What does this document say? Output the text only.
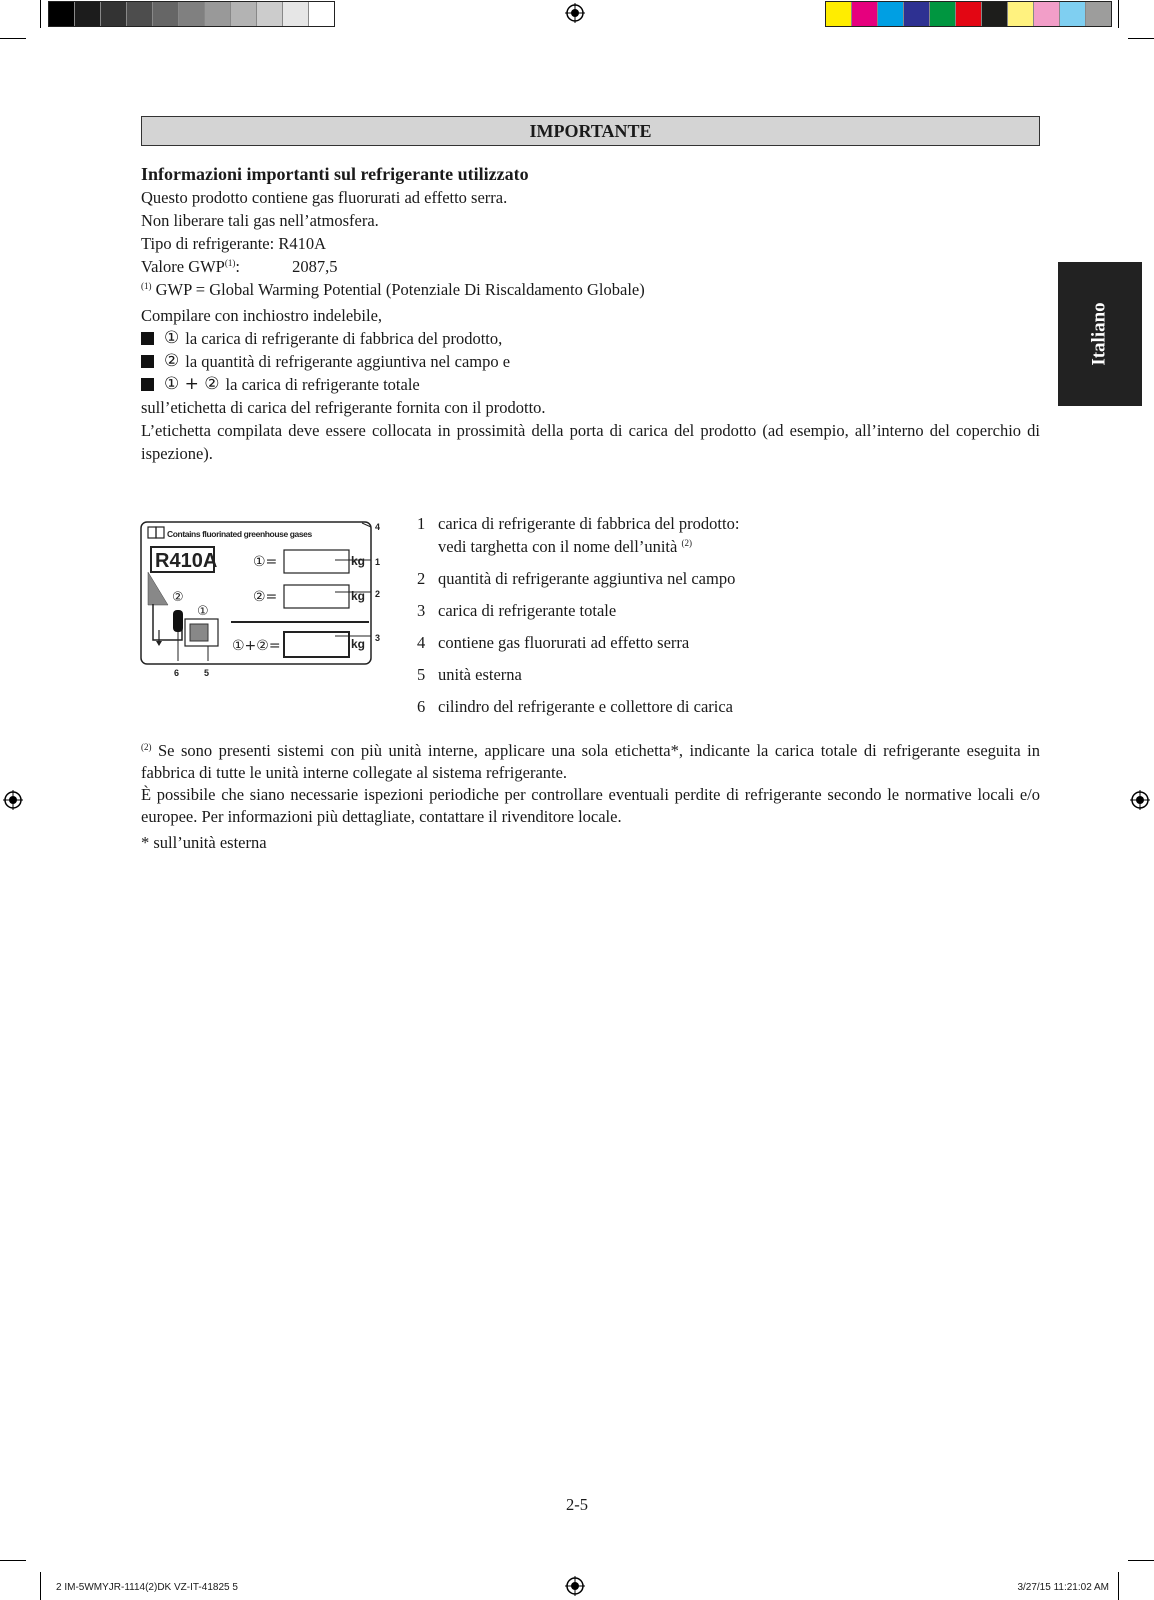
Italiano
IMPORTANTE
Informazioni importanti sul refrigerante utilizzato
Questo prodotto contiene gas fluorurati ad effetto serra.
Non liberare tali gas nell’atmosfera.
Tipo di refrigerante: R410A
Valore GWP$^{(1)}$:	2087,5
$^{(1)}$ GWP = Global Warming Potential (Potenziale Di Riscaldamento Globale)
Compilare con inchiostro indelebile,
① la carica di refrigerante di fabbrica del prodotto,
② la quantità di refrigerante aggiuntiva nel campo e
① + ② la carica di refrigerante totale
sull’etichetta di carica del refrigerante fornita con il prodotto.
L’etichetta compilata deve essere collocata in prossimità della porta di carica del prodotto (ad esempio, all’interno del coperchio di ispezione).
Contains fluorinated greenhouse gases
R410A	①=	kg
②=	kg
①+②=	kg
②
①
4
1
2
3
6	5
1 carica di refrigerante di fabbrica del prodotto:
vedi targhetta con il nome dell’unità $^{(2)}$
2 quantità di refrigerante aggiuntiva nel campo
3 carica di refrigerante totale
4 contiene gas fluorurati ad effetto serra
5 unità esterna
6 cilindro del refrigerante e collettore di carica
$^{(2)}$ Se sono presenti sistemi con più unità interne, applicare una sola etichetta*, indicante la carica totale di refrigerante eseguita in fabbrica di tutte le unità interne collegate al sistema refrigerante.
È possibile che siano necessarie ispezioni periodiche per controllare eventuali perdite di refrigerante secondo le normative locali e/o europee. Per informazioni più dettagliate, contattare il rivenditore locale.
* sull’unità esterna
2-5
2 IM-5WMYJR-1114(2)DK VZ-IT-41825 5	3/27/15 11:21:02 AM
